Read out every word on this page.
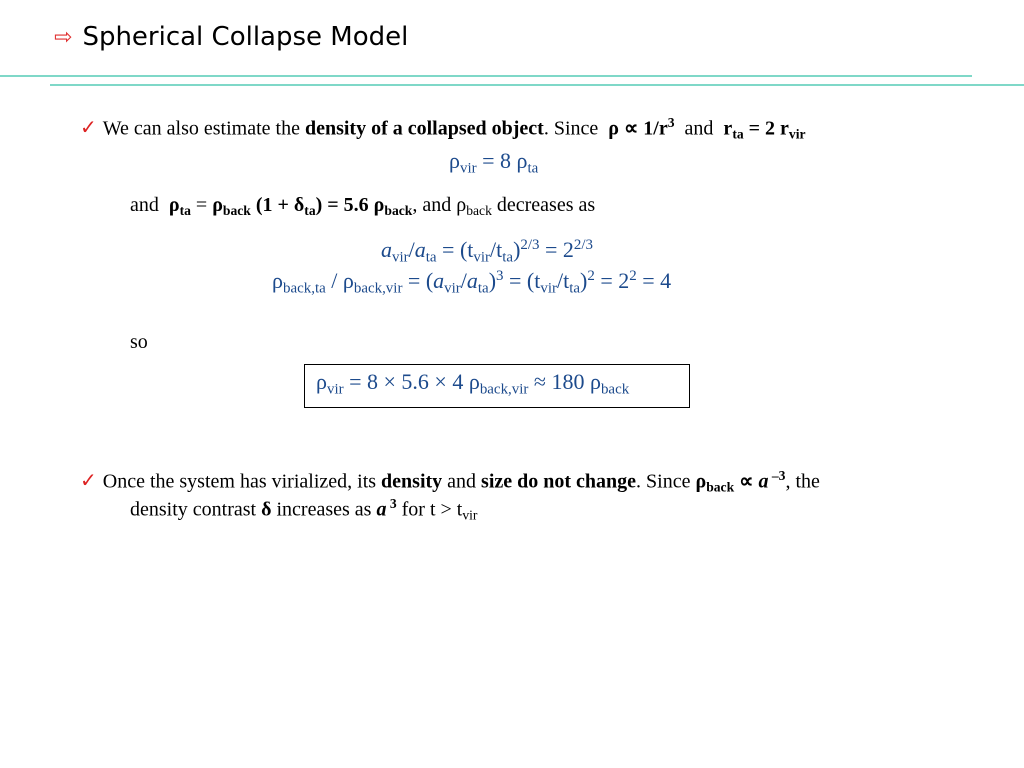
⇨ Spherical Collapse Model
✓ We can also estimate the density of a collapsed object. Since  $\rho \propto 1/r^3$  and  $r_{ta} = 2$ $r_{vir}$
$\rho_{vir} = 8$ $\rho_{ta}$
and  $\rho_{ta} = \rho_{back}$ $(1 + \delta_{ta}) = 5.6$ $\rho_{back}$, and $\rho_{back}$ decreases as
$a_{vir}/a_{ta} = (t_{vir}/t_{ta})^{2/3} = 2^{2/3}$
$\rho_{back,ta} / \rho_{back,vir} = (a_{vir}/a_{ta})^3 = (t_{vir}/t_{ta})^2 = 2^2 = 4$
so
$\rho_{vir} = 8 \times 5.6 \times 4$ $\rho_{back,vir} \approx 180$ $\rho_{back}$
✓ Once the system has virialized, its density and size do not change. Since $\rho_{back} \propto a$ $^{-3}$, the
density contrast δ increases as a $^3$ for $t > t_{vir}$
